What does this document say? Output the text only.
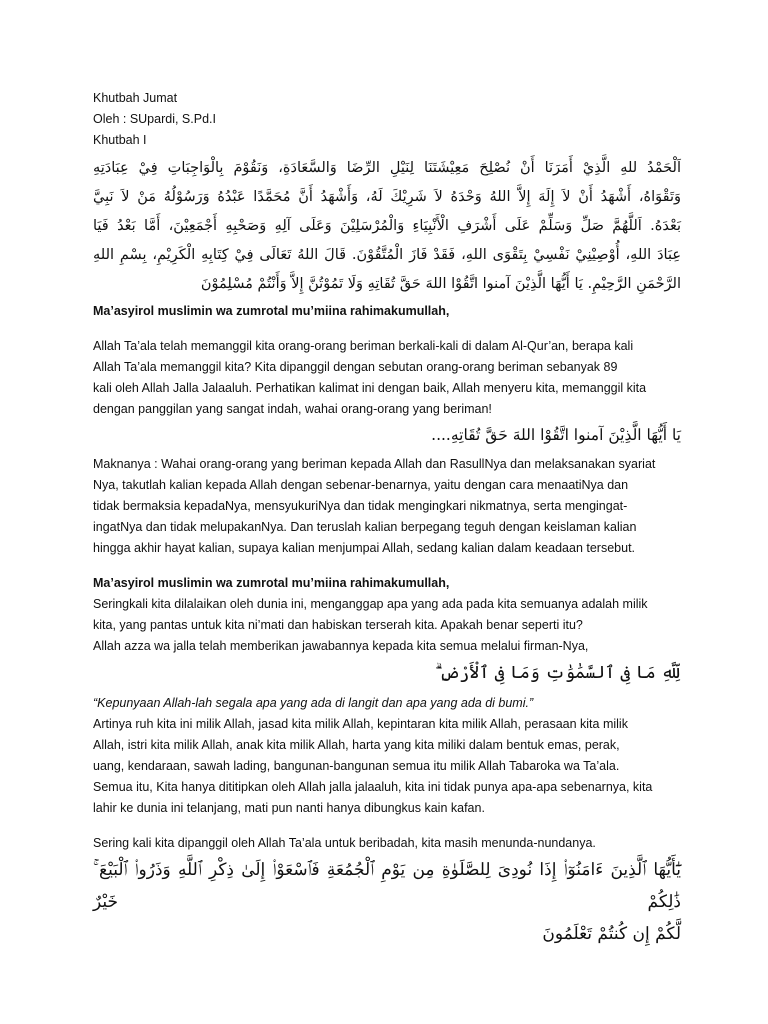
Khutbah Jumat

Oleh : SUpardi, S.Pd.I

Khutbah I

اَلْحَمْدُ للهِ الَّذِيْ أَمَرَنَا أَنْ نُصْلِحَ مَعِيْشَتَنَا لِنَيْلِ الرِّضَا وَالسَّعَادَةِ، وَنَقُوْمَ بِالْوَاجِبَاتِ فِيْ عِبَادَتِهِ

وَتَقْوَاهُ، أَشْهَدُ أَنْ لاَ إِلَهَ إِلاَّ اللهُ وَحْدَهُ لاَ شَرِيْكَ لَهُ، وَأَشْهَدُ أَنَّ مُحَمَّدًا عَبْدُهُ وَرَسُوْلُهُ مَنْ لاَ نَبِيَّ

بَعْدَهُ. اَللَّهُمَّ صَلِّ وَسَلِّمْ عَلَى أَشْرَفِ الْأَنْبِيَاءِ وَالْمُرْسَلِيْنَ وَعَلَى آلِهِ وَصَحْبِهِ أَجْمَعِيْنَ، أَمَّا بَعْدُ فَيَا

عِبَادَ اللهِ، أُوْصِيْنِيْ نَفْسِيْ بِتَقْوَى اللهِ، فَقَدْ فَازَ الْمُتَّقُوْنَ. قَالَ اللهُ تَعَالَى فِيْ كِتَابِهِ الْكَرِيْمِ، بِسْمِ اللهِ

الرَّحْمَنِ الرَّحِيْمِ. يَا أَيُّهَا الَّذِيْنَ آمنوا اتَّقُوْا اللهَ حَقَّ تُقَاتِهِ وَلَا تَمُوْتُنَّ إِلاَّ وَأَنْتُمْ مُسْلِمُوْنَ

Ma’asyirol muslimin wa zumrotal mu’miina rahimakumullah,

Allah Ta’ala telah memanggil kita orang-orang beriman berkali-kali di dalam Al-Qur’an, berapa kali

Allah Ta’ala memanggil kita? Kita dipanggil dengan sebutan orang-orang beriman sebanyak 89

kali oleh Allah Jalla Jalaaluh. Perhatikan kalimat ini dengan baik, Allah menyeru kita, memanggil kita

dengan panggilan yang sangat indah, wahai orang-orang yang beriman!

يَا أَيُّهَا الَّذِيْنَ آمنوا اتَّقُوْا اللهَ حَقَّ تُقَاتِهِ....

Maknanya : Wahai orang-orang yang beriman kepada Allah dan RasullNya dan melaksanakan syariat

Nya, takutlah kalian kepada Allah dengan sebenar-benarnya, yaitu dengan cara menaatiNya dan

tidak bermaksia kepadaNya, mensyukuriNya dan tidak mengingkari nikmatnya, serta mengingat-

ingatNya dan tidak melupakanNya. Dan teruslah kalian berpegang teguh dengan keislaman kalian

hingga akhir hayat kalian, supaya kalian menjumpai Allah, sedang kalian dalam keadaan tersebut.

Ma’asyirol muslimin wa zumrotal mu’miina rahimakumullah,

Seringkali kita dilalaikan oleh dunia ini, menganggap apa yang ada pada kita semuanya adalah milik

kita, yang pantas untuk kita ni’mati dan habiskan terserah kita. Apakah benar seperti itu?

Allah azza wa jalla telah memberikan jawabannya kepada kita semua melalui firman-Nya,

لِّلَّهِ مَا فِى ٱلسَّمَٰوَٰتِ وَمَا فِى ٱلْأَرْضِ ۗ

“Kepunyaan Allah-lah segala apa yang ada di langit dan apa yang ada di bumi.”

Artinya ruh kita ini milik Allah, jasad kita milik Allah, kepintaran kita milik Allah, perasaan kita milik

Allah, istri kita milik Allah, anak kita milik Allah, harta yang kita miliki dalam bentuk emas, perak,

uang, kendaraan, sawah lading, bangunan-bangunan semua itu milik Allah Tabaroka wa Ta’ala.

Semua itu, Kita hanya dititipkan oleh Allah jalla jalaaluh, kita ini tidak punya apa-apa sebenarnya, kita

lahir ke dunia ini telanjang, mati pun nanti hanya dibungkus kain kafan.

Sering kali kita dipanggil oleh Allah Ta’ala untuk beribadah, kita masih menunda-nundanya.

يَٰٓأَيُّهَا ٱلَّذِينَ ءَامَنُوٓا۟ إِذَا نُودِىَ لِلصَّلَوٰةِ مِن يَوْمِ ٱلْجُمُعَةِ فَٱسْعَوْا۟ إِلَىٰ ذِكْرِ ٱللَّهِ وَذَرُوا۟ ٱلْبَيْعَ ۚ ذَٰلِكُمْ خَيْرٌ

لَّكُمْ إِن كُنتُمْ تَعْلَمُونَ
